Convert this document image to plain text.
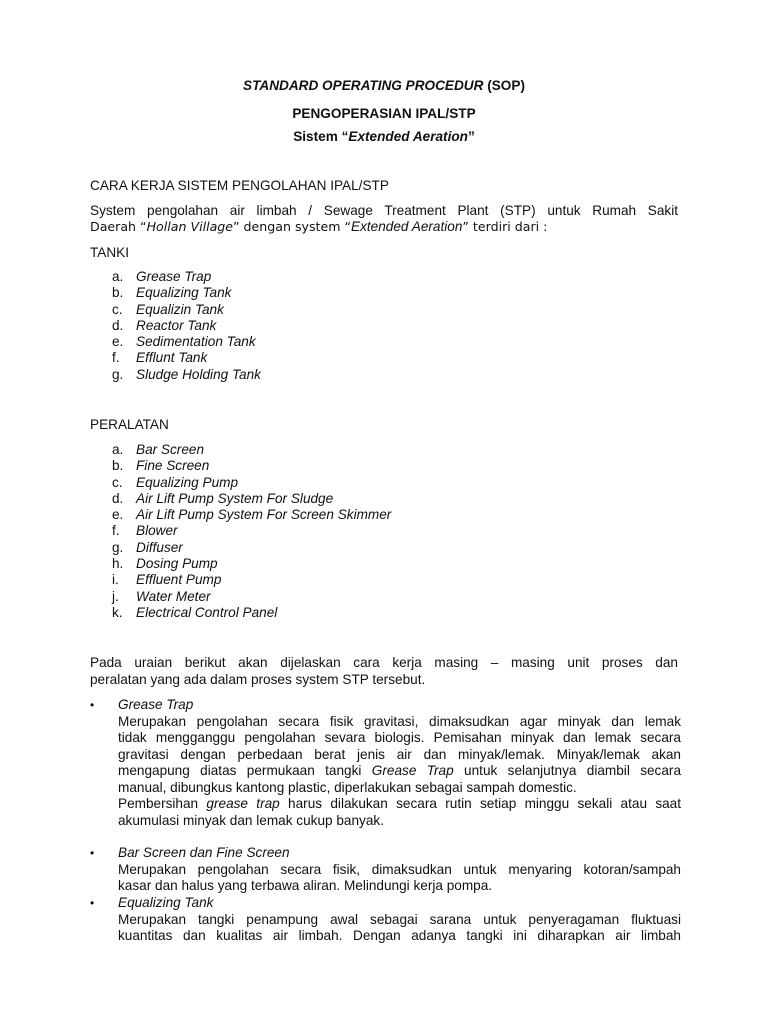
STANDARD OPERATING PROCEDUR (SOP)
PENGOPERASIAN IPAL/STP
Sistem “Extended Aeration”
CARA KERJA SISTEM PENGOLAHAN IPAL/STP
System pengolahan air limbah / Sewage Treatment Plant (STP) untuk Rumah Sakit
Daerah “Hollan Village” dengan system “Extended Aeration” terdiri dari :
TANKI
a. Grease Trap
b. Equalizing Tank
c. Equalizin Tank
d. Reactor Tank
e. Sedimentation Tank
f. Efflunt Tank
g. Sludge Holding Tank
PERALATAN
a. Bar Screen
b. Fine Screen
c. Equalizing Pump
d. Air Lift Pump System For Sludge
e. Air Lift Pump System For Screen Skimmer
f. Blower
g. Diffuser
h. Dosing Pump
i. Effluent Pump
j. Water Meter
k. Electrical Control Panel
Pada uraian berikut akan dijelaskan cara kerja masing – masing unit proses dan
peralatan yang ada dalam proses system STP tersebut.
•	Grease Trap
Merupakan pengolahan secara fisik gravitasi, dimaksudkan agar minyak dan lemak
tidak mengganggu pengolahan sevara biologis. Pemisahan minyak dan lemak secara
gravitasi dengan perbedaan berat jenis air dan minyak/lemak. Minyak/lemak akan
mengapung diatas permukaan tangki Grease Trap untuk selanjutnya diambil secara
manual, dibungkus kantong plastic, diperlakukan sebagai sampah domestic.
Pembersihan grease trap harus dilakukan secara rutin setiap minggu sekali atau saat
akumulasi minyak dan lemak cukup banyak.
•	Bar Screen dan Fine Screen
Merupakan pengolahan secara fisik, dimaksudkan untuk menyaring kotoran/sampah
kasar dan halus yang terbawa aliran. Melindungi kerja pompa.
•	Equalizing Tank
Merupakan tangki penampung awal sebagai sarana untuk penyeragaman fluktuasi
kuantitas dan kualitas air limbah. Dengan adanya tangki ini diharapkan air limbah
